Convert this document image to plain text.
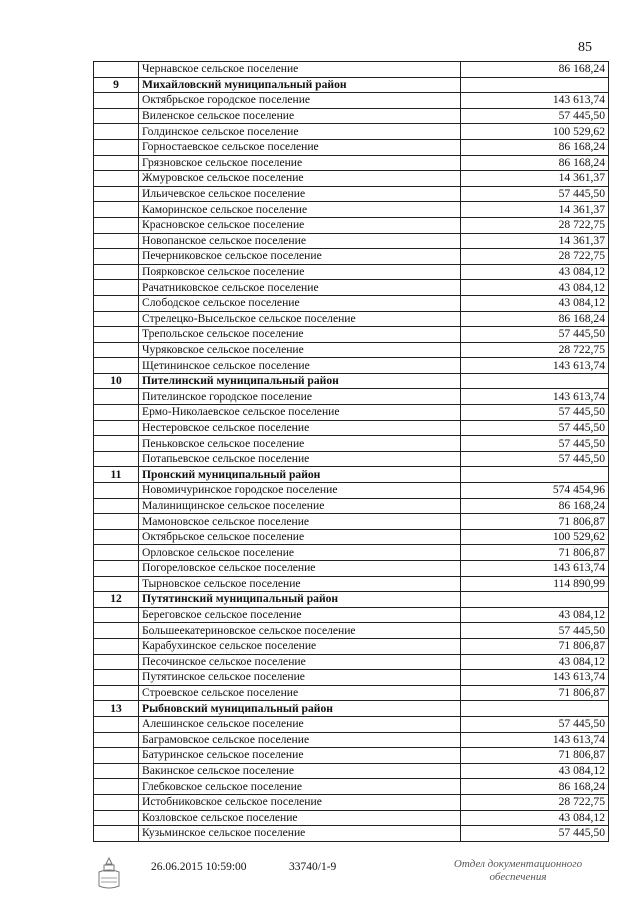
85
	Чернавское сельское поселение	86 168,24
9	Михайловский муниципальный район	
	Октябрьское городское поселение	143 613,74
	Виленское сельское поселение	57 445,50
	Голдинское сельское поселение	100 529,62
	Горностаевское сельское поселение	86 168,24
	Грязновское сельское поселение	86 168,24
	Жмуровское сельское поселение	14 361,37
	Ильичевское сельское поселение	57 445,50
	Каморинское сельское поселение	14 361,37
	Красновское сельское поселение	28 722,75
	Новопанское сельское поселение	14 361,37
	Печерниковское сельское поселение	28 722,75
	Поярковское сельское поселение	43 084,12
	Рачатниковское сельское поселение	43 084,12
	Слободское сельское поселение	43 084,12
	Стрелецко-Высельское сельское поселение	86 168,24
	Трепольское сельское поселение	57 445,50
	Чуряковское сельское поселение	28 722,75
	Щетининское сельское поселение	143 613,74
10	Пителинский муниципальный район	
	Пителинское городское поселение	143 613,74
	Ермо-Николаевское сельское поселение	57 445,50
	Нестеровское сельское поселение	57 445,50
	Пеньковское сельское поселение	57 445,50
	Потапьевское сельское поселение	57 445,50
11	Пронский муниципальный район	
	Новомичуринское городское поселение	574 454,96
	Малинищинское сельское поселение	86 168,24
	Мамоновское сельское поселение	71 806,87
	Октябрьское сельское поселение	100 529,62
	Орловское сельское поселение	71 806,87
	Погореловское сельское поселение	143 613,74
	Тырновское сельское поселение	114 890,99
12	Путятинский муниципальный район	
	Береговское сельское поселение	43 084,12
	Большеекатериновское сельское поселение	57 445,50
	Карабухинское сельское поселение	71 806,87
	Песочинское сельское поселение	43 084,12
	Путятинское сельское поселение	143 613,74
	Строевское сельское поселение	71 806,87
13	Рыбновский муниципальный район	
	Алешинское сельское поселение	57 445,50
	Баграмовское сельское поселение	143 613,74
	Батуринское сельское поселение	71 806,87
	Вакинское сельское поселение	43 084,12
	Глебковское сельское поселение	86 168,24
	Истобниковское сельское поселение	28 722,75
	Козловское сельское поселение	43 084,12
	Кузьминское сельское поселение	57 445,50
26.06.2015 10:59:00	33740/1-9	Отдел документационного
обеспечения
